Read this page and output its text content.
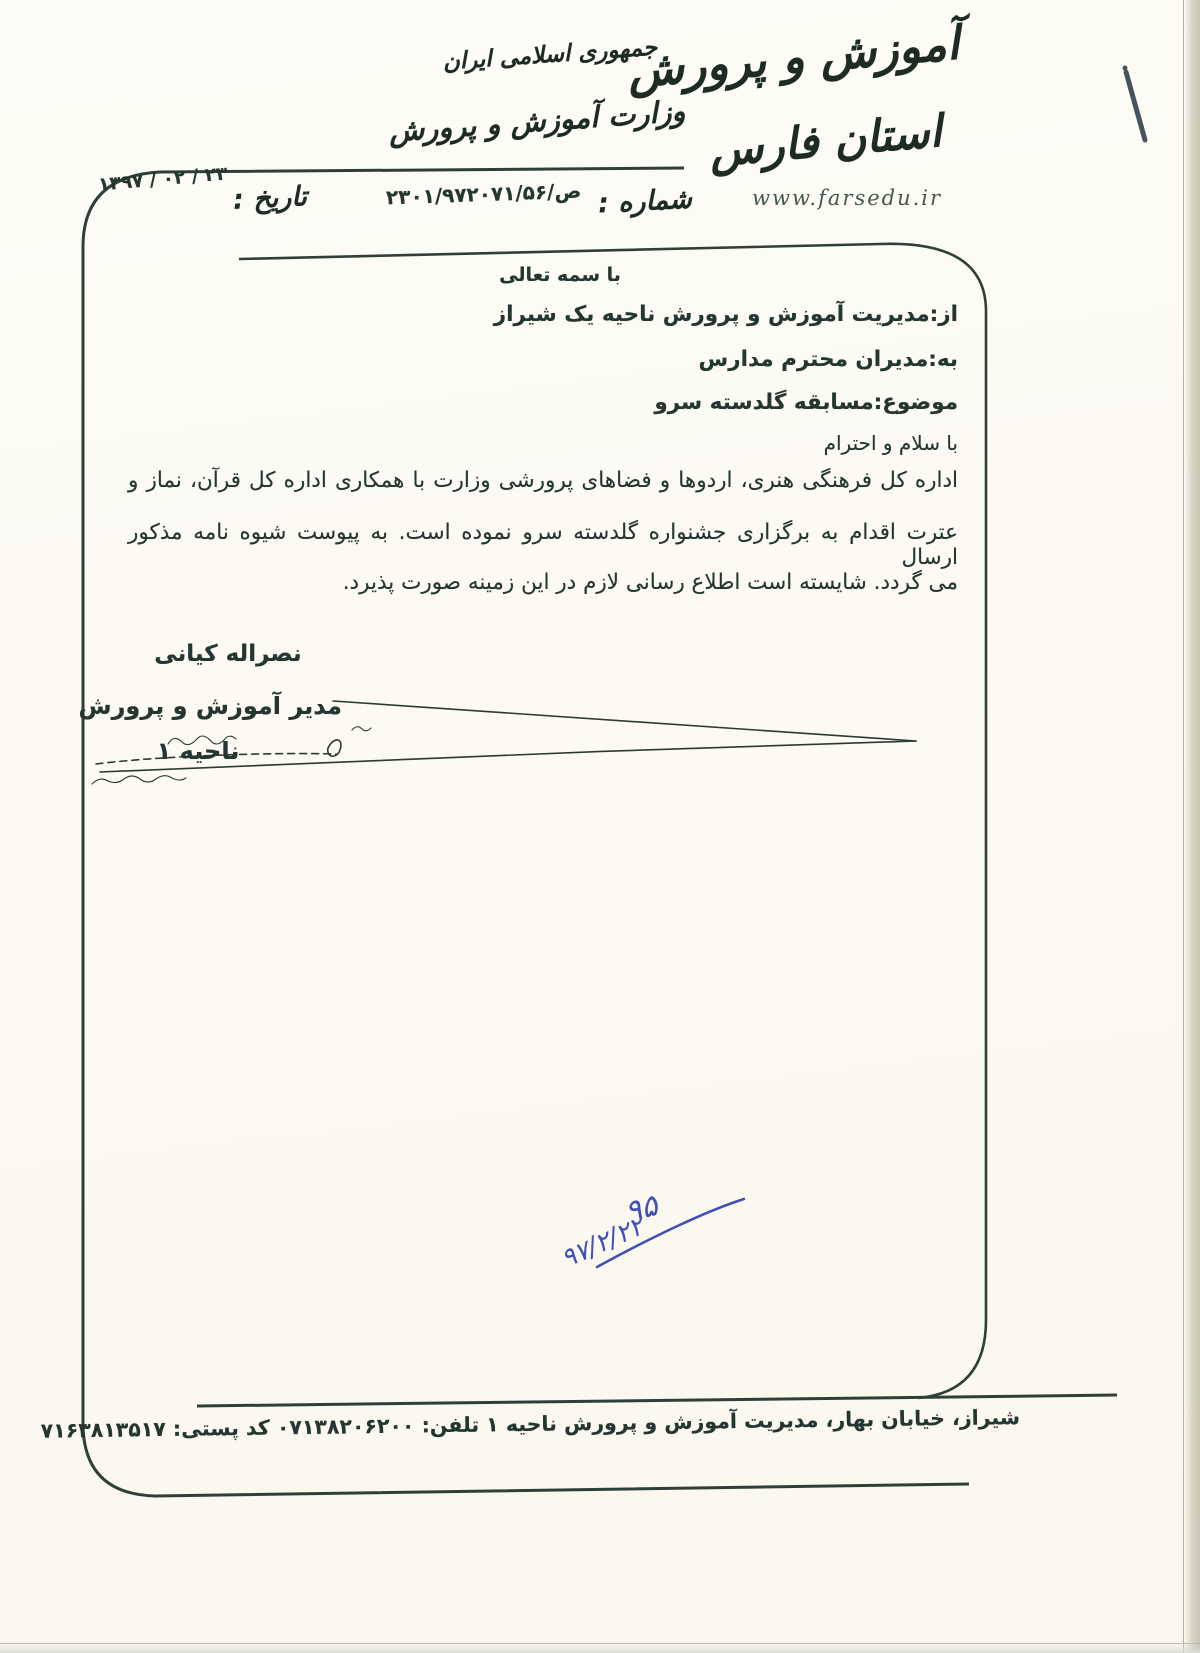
آموزش و پرورش
استان فارس
www.farsedu.ir
جمهوری اسلامی ایران
وزارت آموزش و پرورش
شماره :
۲۳۰۱/۹۷۲۰۷۱/۵۶/ص
تاریخ :
۱۳۹۷ / ۰۲ / ۲۳
با سمه تعالی
از:مدیریت آموزش و پرورش ناحیه یک شیراز
به:مدیران محترم مدارس
موضوع:مسابقه گلدسته سرو
با سلام و احترام
اداره کل فرهنگی هنری، اردوها و فضاهای پرورشی وزارت با همکاری اداره کل قرآن، نماز و
عترت اقدام به برگزاری جشنواره گلدسته سرو نموده است. به پیوست شیوه نامه مذکور ارسال
می گردد. شایسته است اطلاع رسانی لازم در این زمینه صورت پذیرد.
نصراله کیانی
مدیر آموزش و پرورش
ناحیه ۱
۹۵
۹۷/۲/۲۲
شیراز، خیابان بهار، مدیریت آموزش و پرورش ناحیه ۱ تلفن: ۰۷۱۳۸۲۰۶۲۰۰ کد پستی: ۷۱۶۳۸۱۳۵۱۷
